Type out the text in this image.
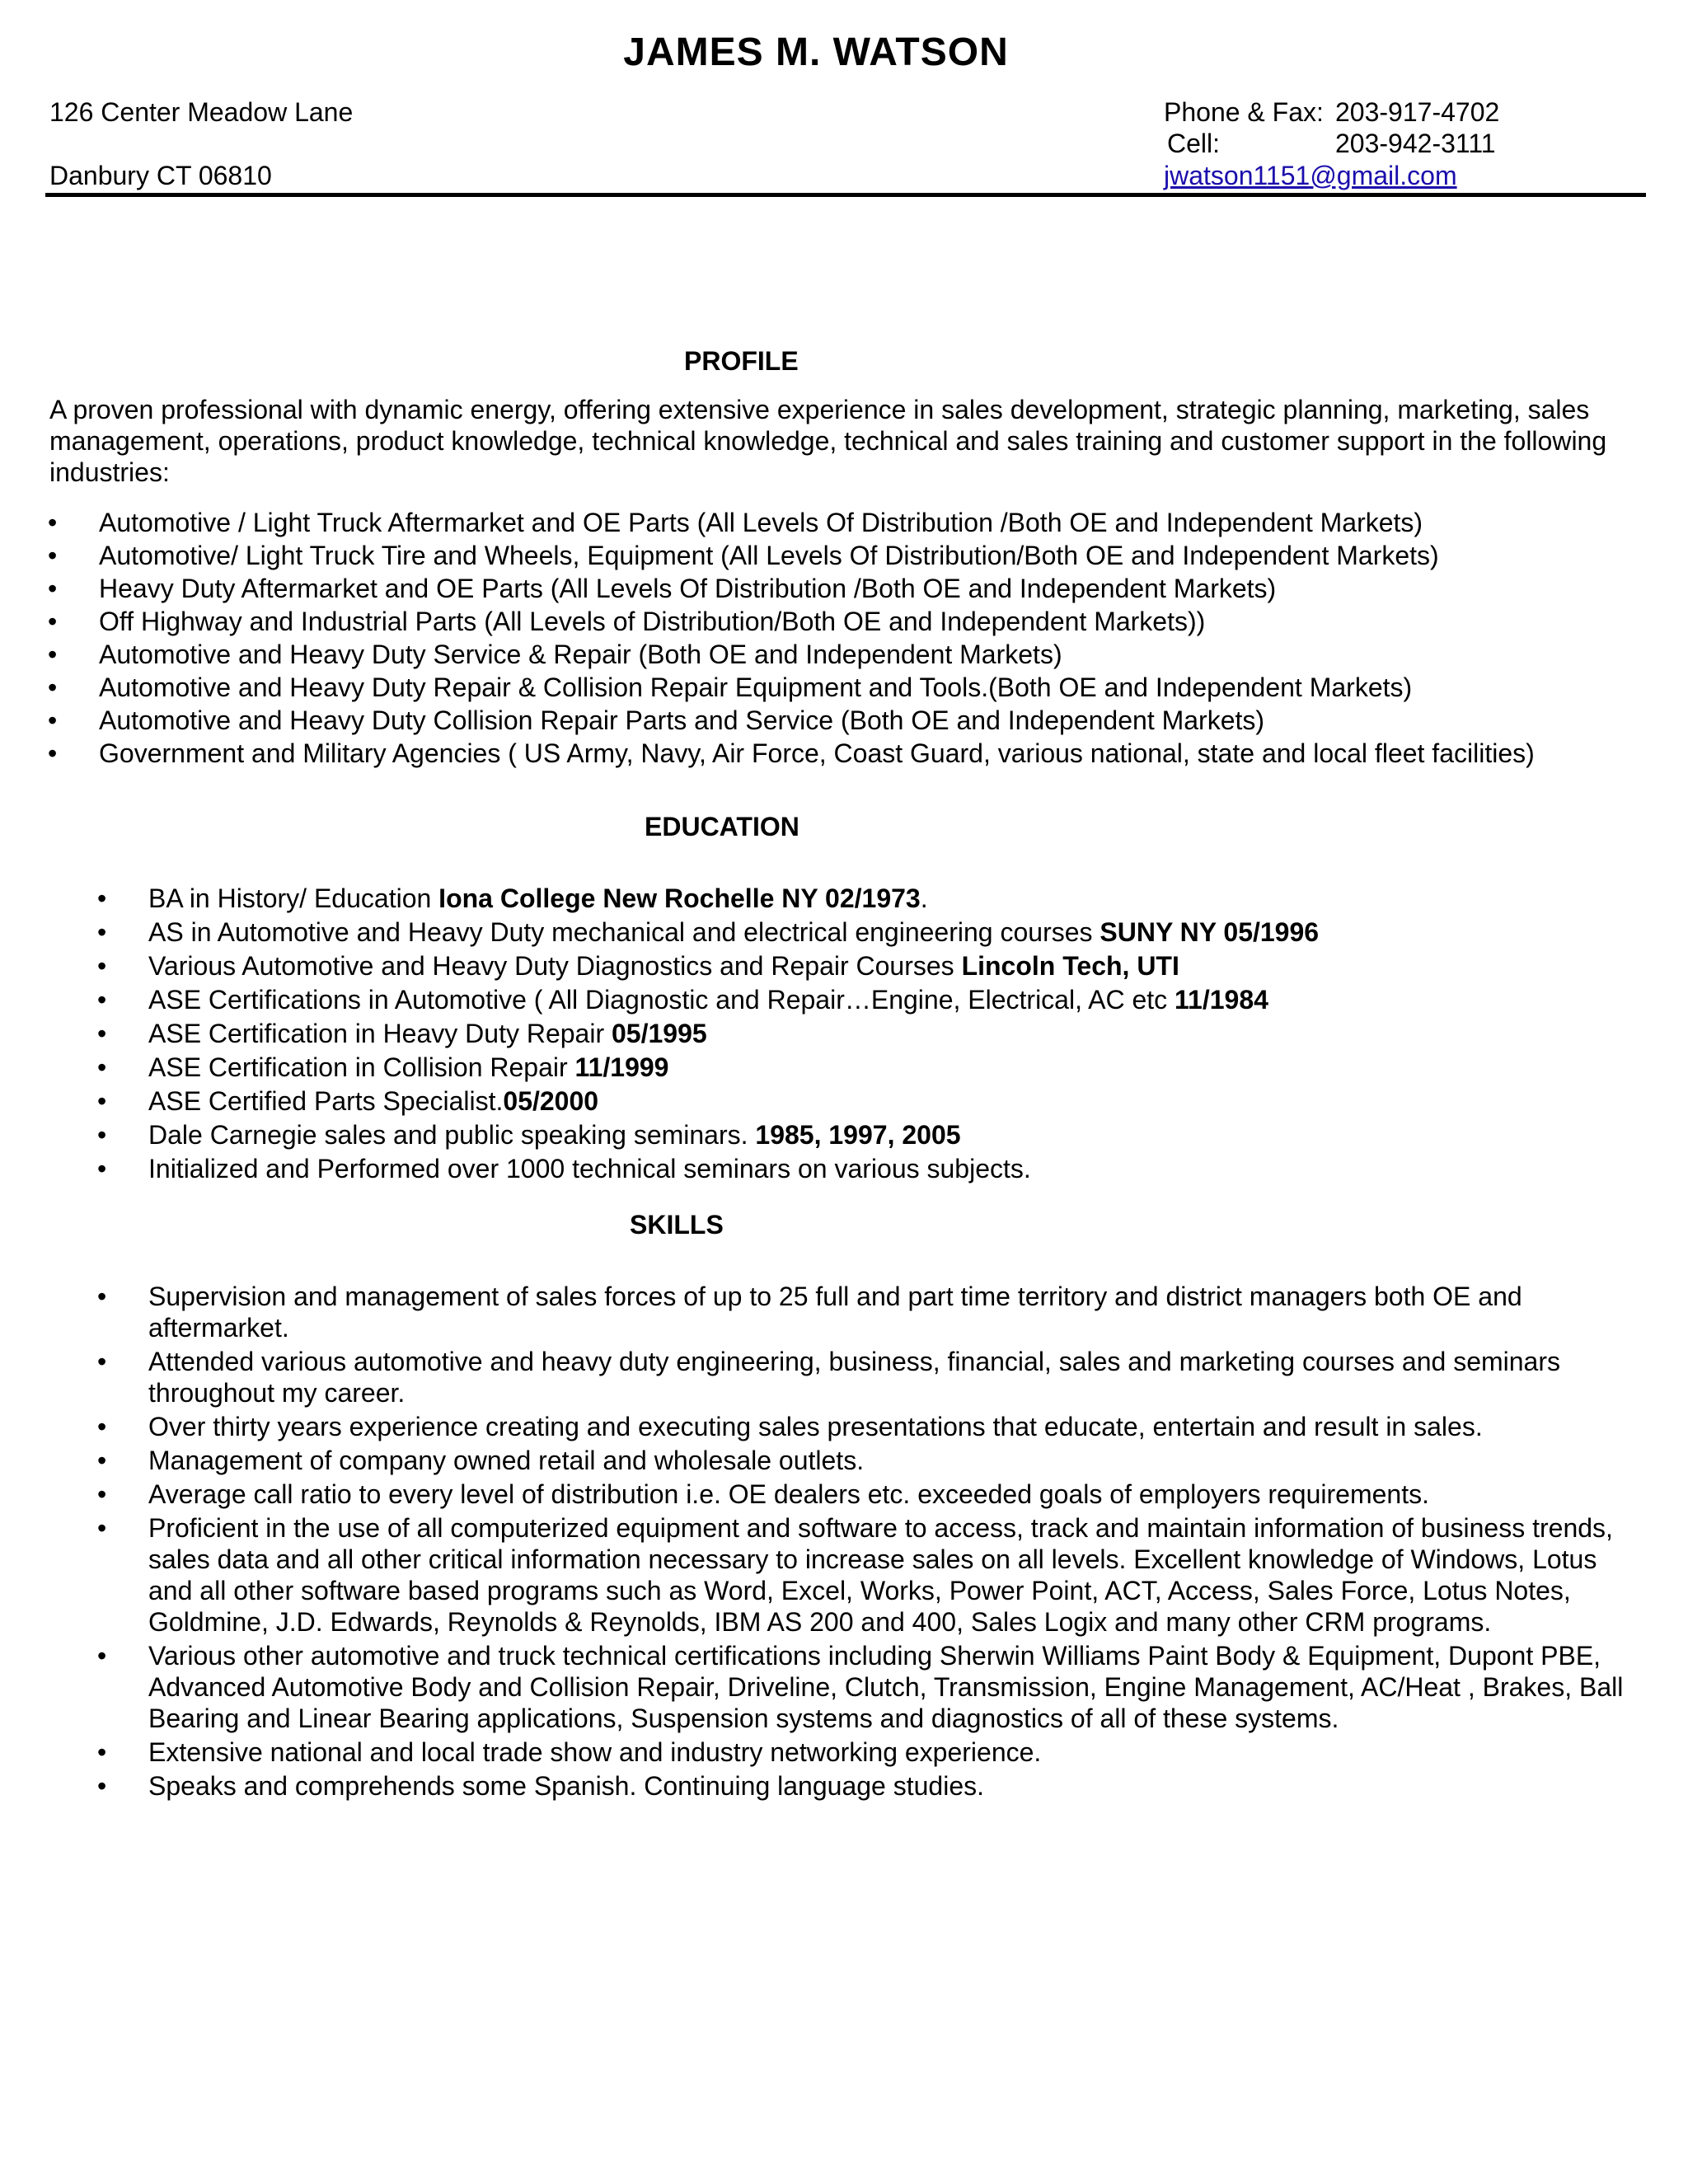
JAMES M. WATSON
126 Center Meadow Lane
Danbury CT 06810
Phone & Fax: 203-917-4702
Cell:	203-942-3111
jwatson1151@gmail.com
PROFILE
A proven professional with dynamic energy, offering extensive experience in sales development, strategic planning, marketing, sales management, operations, product knowledge, technical knowledge, technical and sales training and customer support in the following industries:
• Automotive / Light Truck Aftermarket and OE Parts (All Levels Of Distribution /Both OE and Independent Markets)
• Automotive/ Light Truck Tire and Wheels, Equipment (All Levels Of Distribution/Both OE and Independent Markets)
• Heavy Duty Aftermarket and OE Parts (All Levels Of Distribution /Both OE and Independent Markets)
• Off Highway and Industrial Parts (All Levels of Distribution/Both OE and Independent Markets))
• Automotive and Heavy Duty Service & Repair (Both OE and Independent Markets)
• Automotive and Heavy Duty Repair & Collision Repair Equipment and Tools.(Both OE and Independent Markets)
• Automotive and Heavy Duty Collision Repair Parts and Service (Both OE and Independent Markets)
• Government and Military Agencies ( US Army, Navy, Air Force, Coast Guard, various national, state and local fleet facilities)
EDUCATION
• BA in History/ Education Iona College New Rochelle NY 02/1973.
• AS in Automotive and Heavy Duty mechanical and electrical engineering courses SUNY NY 05/1996
• Various Automotive and Heavy Duty Diagnostics and Repair Courses Lincoln Tech, UTI
• ASE Certifications in Automotive ( All Diagnostic and Repair…Engine, Electrical, AC etc 11/1984
• ASE Certification in Heavy Duty Repair 05/1995
• ASE Certification in Collision Repair 11/1999
• ASE Certified Parts Specialist.05/2000
• Dale Carnegie sales and public speaking seminars. 1985, 1997, 2005
• Initialized and Performed over 1000 technical seminars on various subjects.
SKILLS
• Supervision and management of sales forces of up to 25 full and part time territory and district managers both OE and aftermarket.
• Attended various automotive and heavy duty engineering, business, financial, sales and marketing courses and seminars throughout my career.
• Over thirty years experience creating and executing sales presentations that educate, entertain and result in sales.
• Management of company owned retail and wholesale outlets.
• Average call ratio to every level of distribution i.e. OE dealers etc. exceeded goals of employers requirements.
• Proficient in the use of all computerized equipment and software to access, track and maintain information of business trends, sales data and all other critical information necessary to increase sales on all levels. Excellent knowledge of Windows, Lotus and all other software based programs such as Word, Excel, Works, Power Point, ACT, Access, Sales Force, Lotus Notes, Goldmine, J.D. Edwards, Reynolds & Reynolds, IBM AS 200 and 400, Sales Logix and many other CRM programs.
• Various other automotive and truck technical certifications including Sherwin Williams Paint Body & Equipment, Dupont PBE, Advanced Automotive Body and Collision Repair, Driveline, Clutch, Transmission, Engine Management, AC/Heat , Brakes, Ball Bearing and Linear Bearing applications, Suspension systems and diagnostics of all of these systems.
• Extensive national and local trade show and industry networking experience.
• Speaks and comprehends some Spanish. Continuing language studies.
